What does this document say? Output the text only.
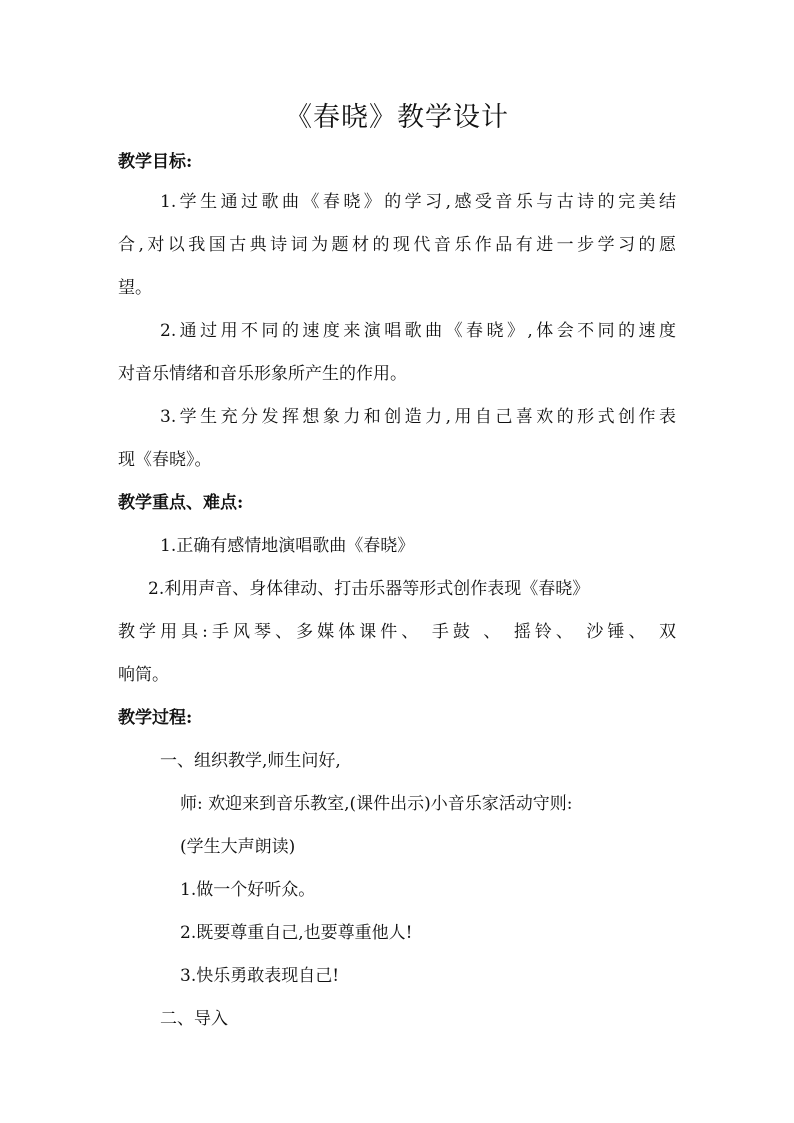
《春晓》教学设计
教学目标:
1.学生通过歌曲《春晓》的学习,感受音乐与古诗的完美结
合,对以我国古典诗词为题材的现代音乐作品有进一步学习的愿
望。
2.通过用不同的速度来演唱歌曲《春晓》,体会不同的速度
对音乐情绪和音乐形象所产生的作用。
3.学生充分发挥想象力和创造力,用自己喜欢的形式创作表
现《春晓》。
教学重点、难点:
1.正确有感情地演唱歌曲《春晓》
2.利用声音、身体律动、打击乐器等形式创作表现《春晓》
教学用具:手风琴、多媒体课件、 手鼓 、 摇铃、 沙锤、 双
响筒。
教学过程:
一、组织教学,师生问好,
师: 欢迎来到音乐教室,(课件出示)小音乐家活动守则:
(学生大声朗读)
1.做一个好听众。
2.既要尊重自己,也要尊重他人!
3.快乐勇敢表现自己!
二、导入
